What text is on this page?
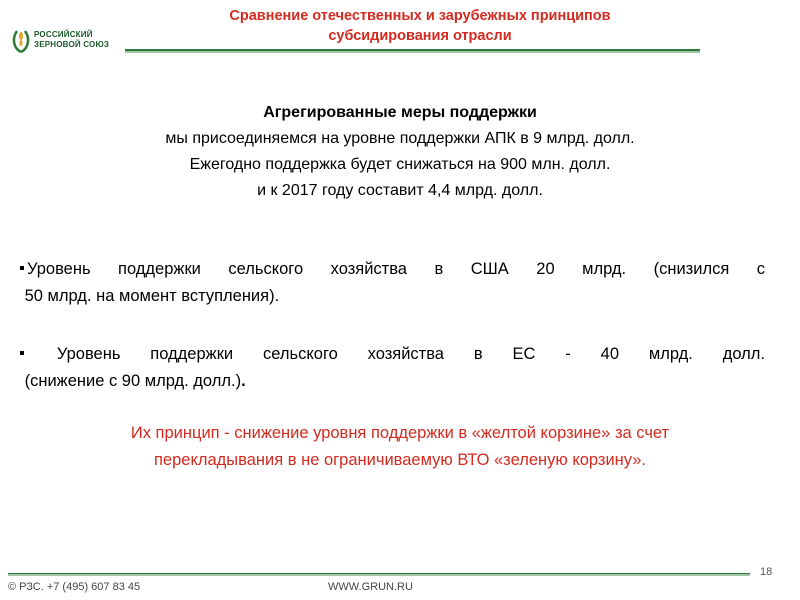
РОССИЙСКИЙ
ЗЕРНОВОЙ СОЮЗ
Сравнение отечественных и зарубежных принципов
субсидирования отрасли
Агрегированные меры поддержки
мы присоединяемся на уровне поддержки АПК в 9 млрд. долл.
Ежегодно поддержка будет снижаться на 900 млн. долл.
и к 2017 году составит 4,4 млрд. долл.
Уровень поддержки сельского хозяйства в США 20 млрд. (снизился с
50 млрд. на момент вступления).
Уровень поддержки сельского хозяйства в ЕС - 40 млрд. долл.
(снижение с 90 млрд. долл.).
Их принцип - снижение уровня поддержки в «желтой корзине» за счет
перекладывания в не ограничиваемую ВТО «зеленую корзину».
18
© РЗС. +7 (495) 607 83 45	WWW.GRUN.RU
